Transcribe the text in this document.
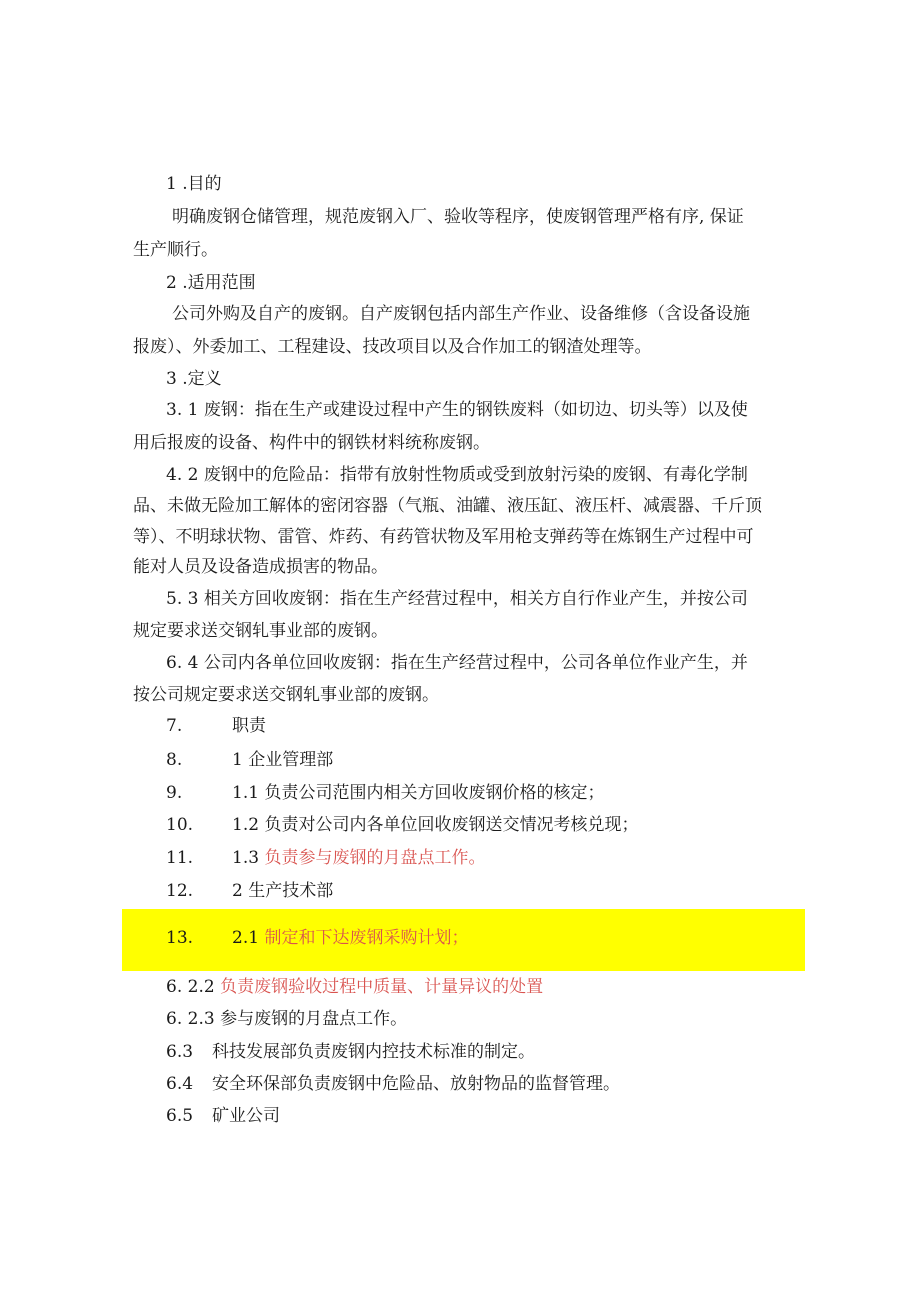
1 .目的
明确废钢仓储管理，规范废钢入厂、验收等程序，使废钢管理严格有序, 保证
生产顺行。
2 .适用范围
公司外购及自产的废钢。自产废钢包括内部生产作业、设备维修（含设备设施
报废）、外委加工、工程建设、技改项目以及合作加工的钢渣处理等。
3 .定义
3. 1 废钢：指在生产或建设过程中产生的钢铁废料（如切边、切头等）以及使
用后报废的设备、构件中的钢铁材料统称废钢。
4. 2 废钢中的危险品：指带有放射性物质或受到放射污染的废钢、有毒化学制
品、未做无险加工解体的密闭容器（气瓶、油罐、液压缸、液压杆、减震器、千斤顶
等）、不明球状物、雷管、炸药、有药管状物及军用枪支弹药等在炼钢生产过程中可
能对人员及设备造成损害的物品。
5. 3 相关方回收废钢：指在生产经营过程中，相关方自行作业产生，并按公司
规定要求送交钢轧事业部的废钢。
6. 4 公司内各单位回收废钢：指在生产经营过程中，公司各单位作业产生，并
按公司规定要求送交钢轧事业部的废钢。
7.	职责
8.	1 企业管理部
9.	1.1 负责公司范围内相关方回收废钢价格的核定；
10. 1.2 负责对公司内各单位回收废钢送交情况考核兑现；
11. 1.3 负责参与废钢的月盘点工作。
12. 2 生产技术部
13. 2.1 制定和下达废钢采购计划；
6. 2.2 负责废钢验收过程中质量、计量异议的处置
6. 2.3 参与废钢的月盘点工作。
6.3 科技发展部负责废钢内控技术标准的制定。
6.4 安全环保部负责废钢中危险品、放射物品的监督管理。
6.5 矿业公司
